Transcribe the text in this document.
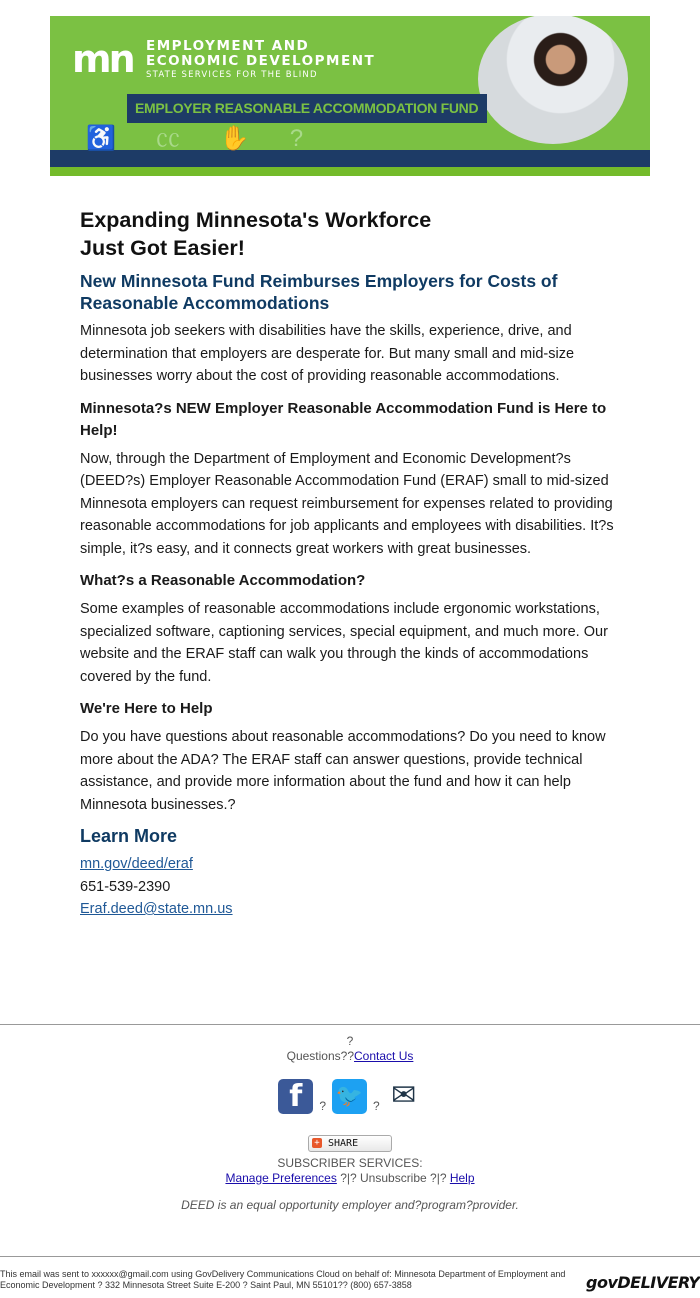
♿㏄✋?
mn EMPLOYMENT AND
ECONOMIC DEVELOPMENT
STATE SERVICES FOR THE BLIND
EMPLOYER REASONABLE ACCOMMODATION FUND
Expanding Minnesota's Workforce
Just Got Easier!
New Minnesota Fund Reimburses Employers for Costs of Reasonable Accommodations

Minnesota job seekers with disabilities have the skills, experience, drive, and determination that employers are desperate for. But many small and mid-size businesses worry about the cost of providing reasonable accommodations.

Minnesota?s NEW Employer Reasonable Accommodation Fund is Here to Help!

Now, through the Department of Employment and Economic Development?s (DEED?s) Employer Reasonable Accommodation Fund (ERAF) small to mid-sized Minnesota employers can request reimbursement for expenses related to providing reasonable accommodations for job applicants and employees with disabilities. It?s simple, it?s easy, and it connects great workers with great businesses.

What?s a Reasonable Accommodation?

Some examples of reasonable accommodations include ergonomic workstations, specialized software, captioning services, special equipment, and much more. Our website and the ERAF staff can walk you through the kinds of accommodations covered by the fund.

We're Here to Help

Do you have questions about reasonable accommodations? Do you need to know more about the ADA? The ERAF staff can answer questions, provide technical assistance, and provide more information about the fund and how it can help Minnesota businesses.?

Learn More
mn.gov/deed/eraf
651-539-2390
Eraf.deed@state.mn.us
?
Questions??Contact Us
f	? 🐦 ? ✉
+ SHARE
SUBSCRIBER SERVICES:
Manage Preferences ?|? Unsubscribe ?|? Help
DEED is an equal opportunity employer and?program?provider.
This email was sent to xxxxxx@gmail.com using GovDelivery Communications Cloud on behalf of: Minnesota Department of Employment and Economic Development ? 332 Minnesota Street Suite E-200 ? Saint Paul, MN 55101?? (800) 657-3858	govDELIVERY
